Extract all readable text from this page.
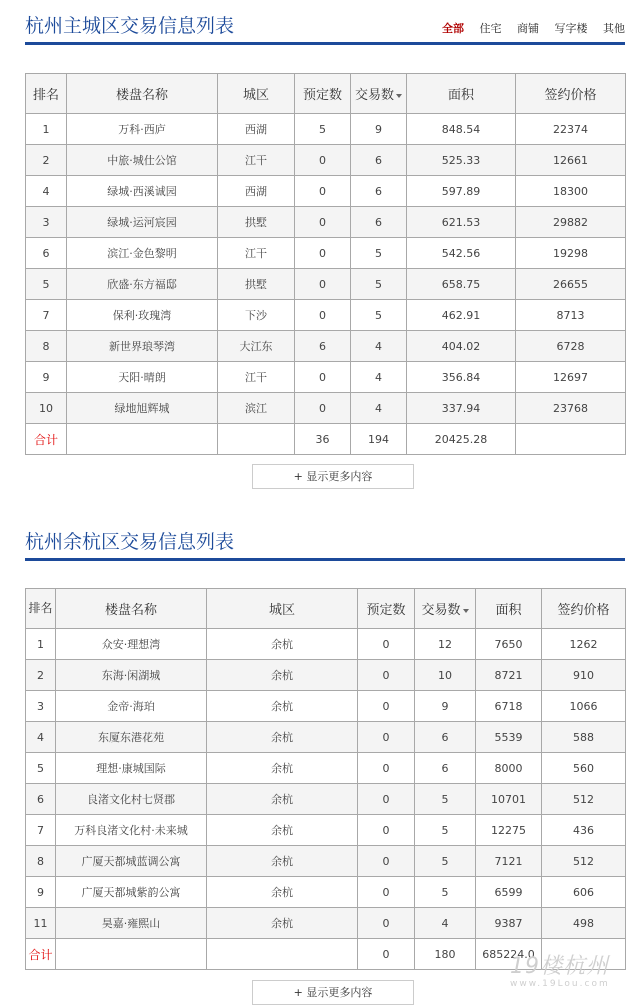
杭州主城区交易信息列表	全部 住宅 商铺 写字楼 其他
排名	楼盘名称	城区	预定数	交易数	面积	签约价格
1	万科·西庐	西湖	5	9	848.54	22374
2	中旅·城仕公馆	江干	0	6	525.33	12661
4	绿城·西溪诚园	西湖	0	6	597.89	18300
3	绿城·运河宸园	拱墅	0	6	621.53	29882
6	滨江·金色黎明	江干	0	5	542.56	19298
5	欣盛·东方福邸	拱墅	0	5	658.75	26655
7	保利·玫瑰湾	下沙	0	5	462.91	8713
8	新世界琅琴湾	大江东	6	4	404.02	6728
9	天阳·晴朗	江干	0	4	356.84	12697
10	绿地旭辉城	滨江	0	4	337.94	23768
合计			36	194	20425.28	
+ 显示更多内容
杭州余杭区交易信息列表
排名	楼盘名称	城区	预定数	交易数	面积	签约价格
1	众安·理想湾	余杭	0	12	7650	1262
2	东海·闲湖城	余杭	0	10	8721	910
3	金帝·海珀	余杭	0	9	6718	1066
4	东厦东港花苑	余杭	0	6	5539	588
5	理想·康城国际	余杭	0	6	8000	560
6	良渚文化村七贤郡	余杭	0	5	10701	512
7	万科良渚文化村·未来城	余杭	0	5	12275	436
8	广厦天都城蓝调公寓	余杭	0	5	7121	512
9	广厦天都城紫韵公寓	余杭	0	5	6599	606
11	昊嘉·雍熙山	余杭	0	4	9387	498
合计			0	180	685224.0	
+ 显示更多内容
19楼杭州
www.19Lou.com
